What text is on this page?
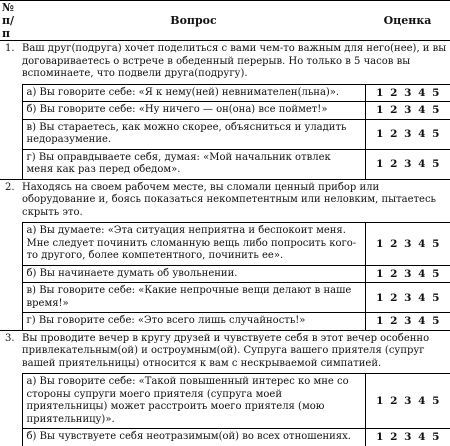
№ п/п	Вопрос	Оценка
1.	Ваш друг(подруга) хочет поделиться с вами чем-то важным для него(нее), и вы договариваетесь о встрече в обеденный перерыв. Но только в 5 часов вы вспоминаете, что подвели друга(подругу).	
	а) Вы говорите себе: «Я к нему(ней) невнимателен(льна)».	1 2 3 4 5
	б) Вы говорите себе: «Ну ничего — он(она) все поймет!»	1 2 3 4 5
	в) Вы стараетесь, как можно скорее, объясниться и уладить недоразумение.	1 2 3 4 5
	г) Вы оправдываете себя, думая: «Мой начальник отвлек меня как раз перед обедом».	1 2 3 4 5
2.	Находясь на своем рабочем месте, вы сломали ценный прибор или оборудование и, боясь показаться некомпетентным или неловким, пытаетесь скрыть это.	
	а) Вы думаете: «Эта ситуация неприятна и беспокоит меня. Мне следует починить сломанную вещь либо попросить кого-то другого, более компетентного, починить ее».	1 2 3 4 5
	б) Вы начинаете думать об увольнении.	1 2 3 4 5
	в) Вы говорите себе: «Какие непрочные вещи делают в наше время!»	1 2 3 4 5
	г) Вы говорите себе: «Это всего лишь случайность!»	1 2 3 4 5
3.	Вы проводите вечер в кругу друзей и чувствуете себя в этот вечер особенно привлекательным(ой) и остроумным(ой). Супруга вашего приятеля (супруг вашей приятельницы) относится к вам с нескрываемой симпатией.	
	а) Вы говорите себе: «Такой повышенный интерес ко мне со стороны супруги моего приятеля (супруга моей приятельницы) может расстроить моего приятеля (мою приятельницу)».	1 2 3 4 5
	б) Вы чувствуете себя неотразимым(ой) во всех отношениях.	1 2 3 4 5
